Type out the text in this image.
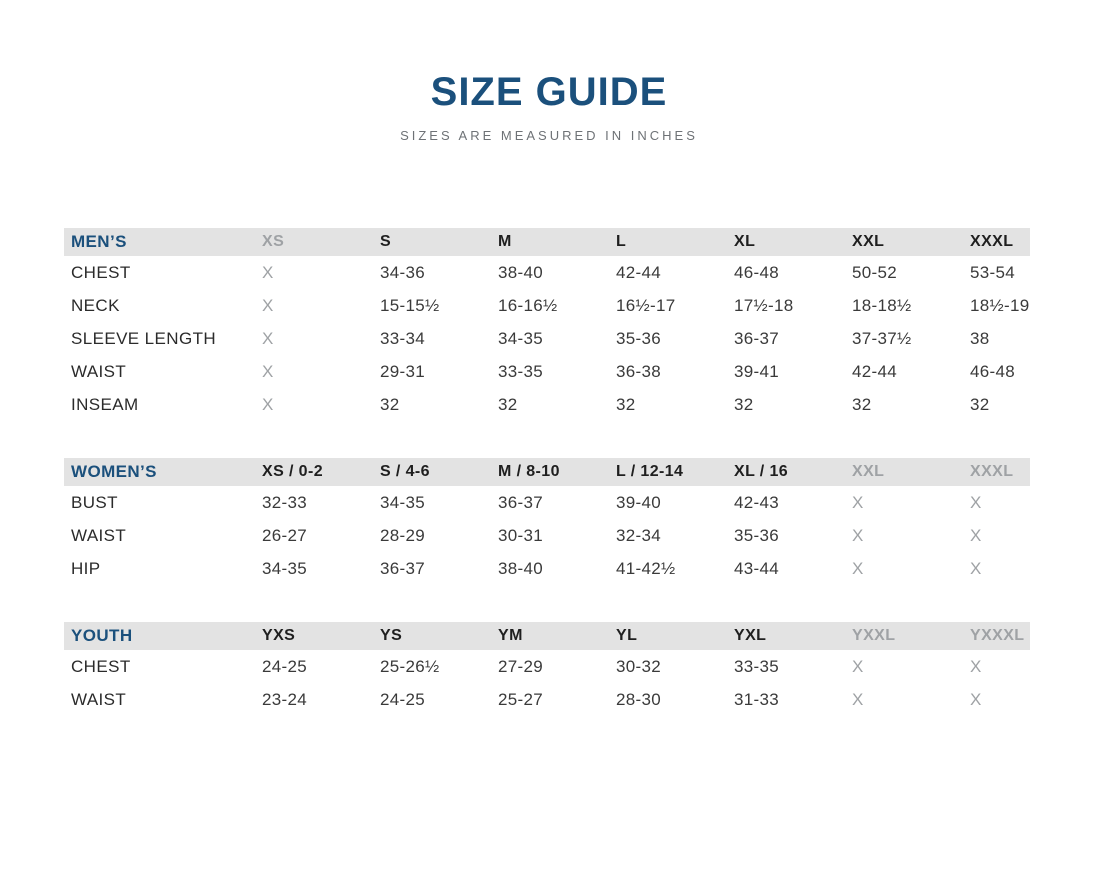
SIZE GUIDE

SIZES ARE MEASURED IN INCHES

MEN’S	XS	S	M	L	XL	XXL	XXXL
CHEST	X	34-36	38-40	42-44	46-48	50-52	53-54
NECK	X	15-15½	16-16½	16½-17	17½-18	18-18½	18½-19
SLEEVE LENGTH	X	33-34	34-35	35-36	36-37	37-37½	38
WAIST	X	29-31	33-35	36-38	39-41	42-44	46-48
INSEAM	X	32	32	32	32	32	32
WOMEN’S	XS / 0-2	S / 4-6	M / 8-10	L / 12-14	XL / 16	XXL	XXXL
BUST	32-33	34-35	36-37	39-40	42-43	X	X
WAIST	26-27	28-29	30-31	32-34	35-36	X	X
HIP	34-35	36-37	38-40	41-42½	43-44	X	X
YOUTH	YXS	YS	YM	YL	YXL	YXXL	YXXXL
CHEST	24-25	25-26½	27-29	30-32	33-35	X	X
WAIST	23-24	24-25	25-27	28-30	31-33	X	X
